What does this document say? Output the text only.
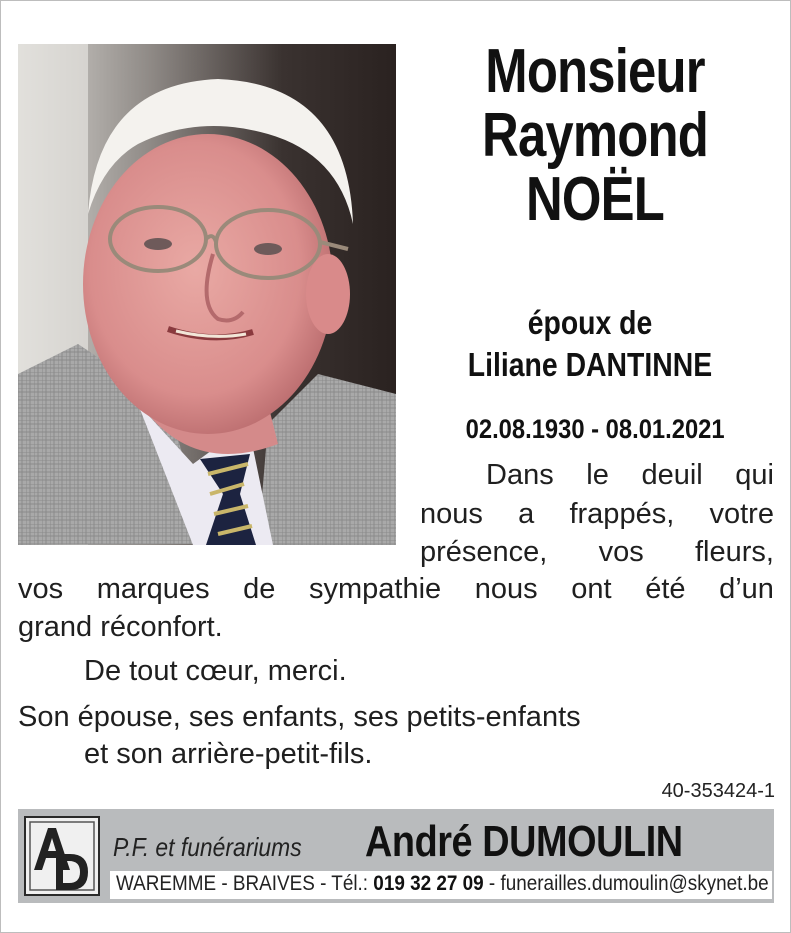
Monsieur
Raymond
NOËL
époux de
Liliane DANTINNE
02.08.1930 - 08.01.2021
Dans le deuil qui
nous a frappés, votre
présence, vos fleurs,
vos marques de sympathie nous ont été d’un
grand réconfort.
De tout cœur, merci.
Son épouse, ses enfants, ses petits-enfants
et son arrière-petit-fils.
40-353424-1
P.F. et funérariums	André DUMOULIN
WAREMME - BRAIVES - Tél.: 019 32 27 09 - funerailles.dumoulin@skynet.be
